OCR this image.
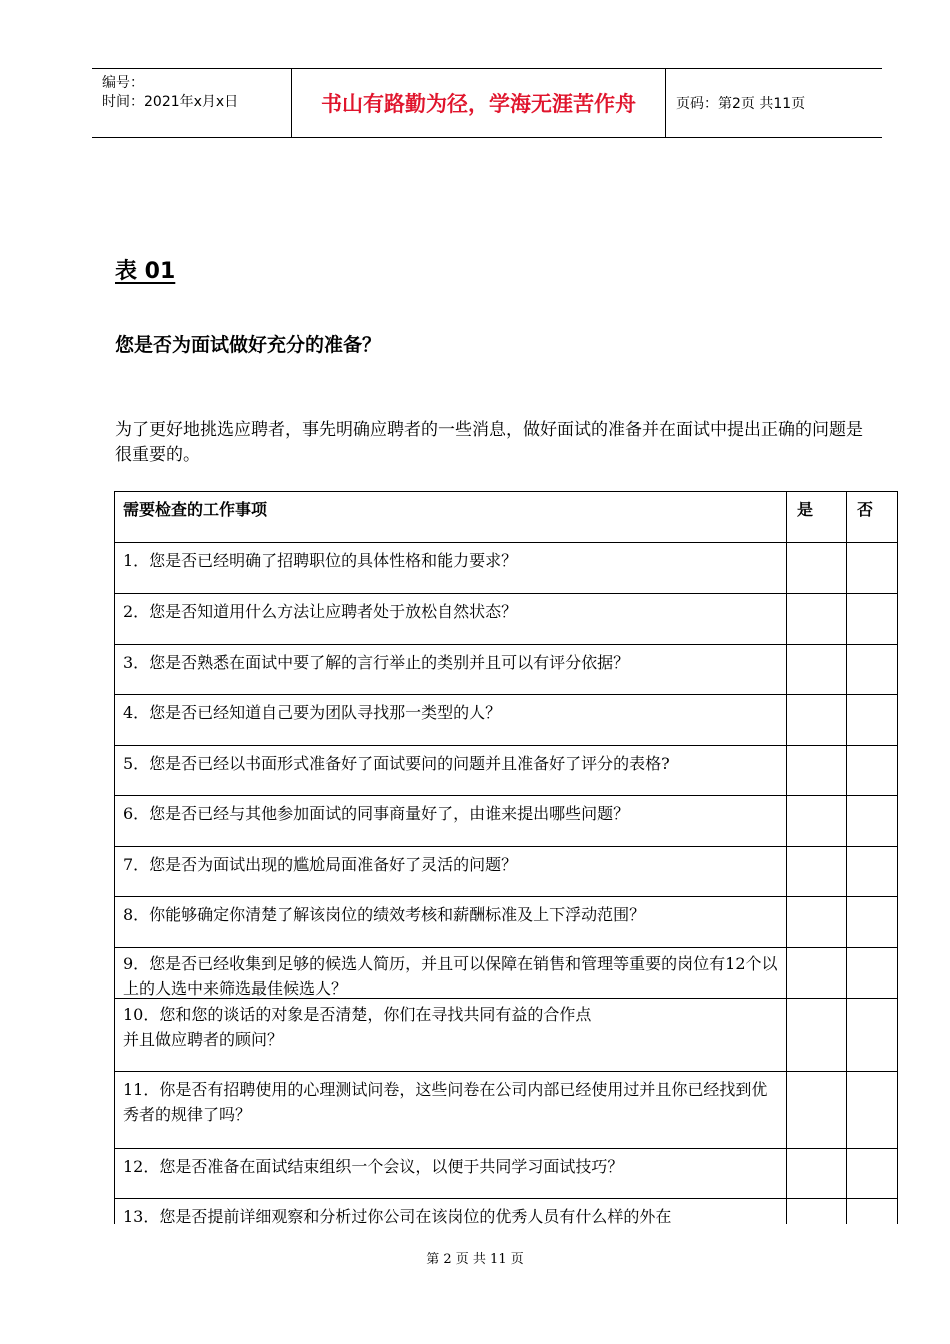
编号：
时间：2021年x月x日	书山有路勤为径，学海无涯苦作舟	页码：第2页 共11页
表 01
您是否为面试做好充分的准备？
为了更好地挑选应聘者，事先明确应聘者的一些消息，做好面试的准备并在面试中提出正确的问题是很重要的。
需要检查的工作事项	是	否
1．您是否已经明确了招聘职位的具体性格和能力要求？
2．您是否知道用什么方法让应聘者处于放松自然状态？
3．您是否熟悉在面试中要了解的言行举止的类别并且可以有评分依据？
4．您是否已经知道自己要为团队寻找那一类型的人？
5．您是否已经以书面形式准备好了面试要问的问题并且准备好了评分的表格?
6．您是否已经与其他参加面试的同事商量好了，由谁来提出哪些问题？
7．您是否为面试出现的尴尬局面准备好了灵活的问题？
8．你能够确定你清楚了解该岗位的绩效考核和薪酬标准及上下浮动范围？
9．您是否已经收集到足够的候选人简历，并且可以保障在销售和管理等重要的岗位有12个以上的人选中来筛选最佳候选人？
10．您和您的谈话的对象是否清楚，你们在寻找共同有益的合作点
并且做应聘者的顾问？
11．你是否有招聘使用的心理测试问卷，这些问卷在公司内部已经使用过并且你已经找到优秀者的规律了吗？
12．您是否准备在面试结束组织一个会议，以便于共同学习面试技巧？
13．您是否提前详细观察和分析过你公司在该岗位的优秀人员有什么样的外在
第 2 页 共 11 页
